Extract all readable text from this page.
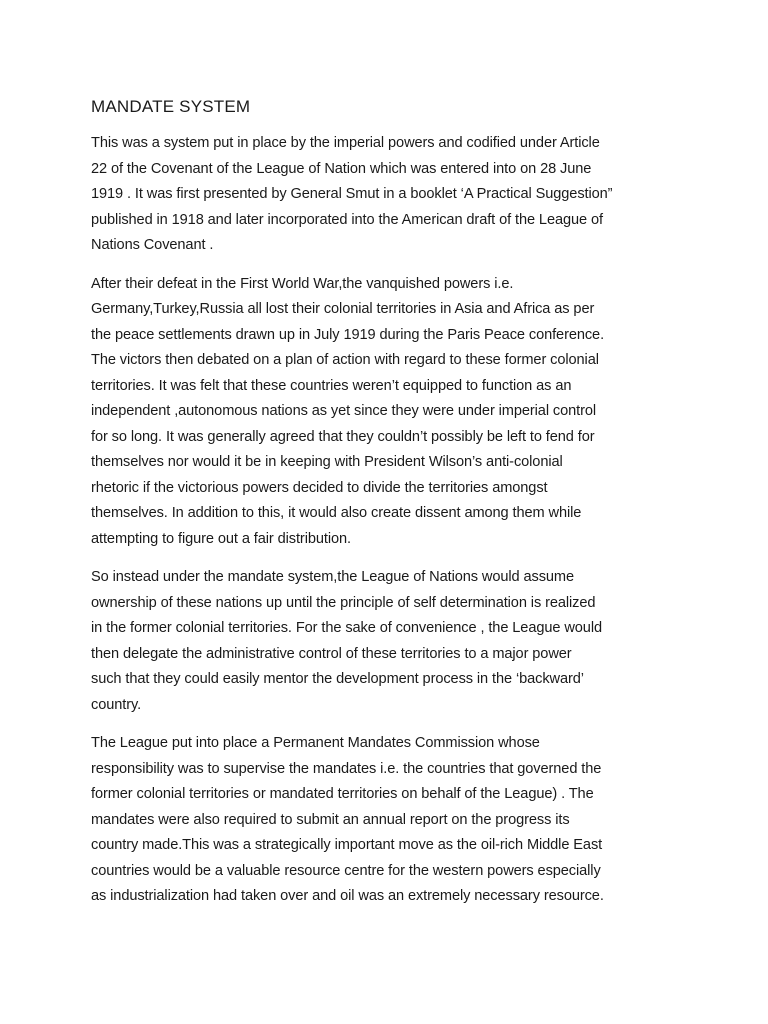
MANDATE SYSTEM
This was a system put in place by the imperial powers and codified under Article
22 of the Covenant of the League of Nation which was entered into on 28 June
1919 . It was first presented by General Smut in a booklet ‘A Practical Suggestion”
published in 1918 and later incorporated into the American draft of the League of
Nations Covenant .
After their defeat in the First World War,the vanquished powers i.e.
Germany,Turkey,Russia all lost their colonial territories in Asia and Africa as per
the peace settlements drawn up in July 1919 during the Paris Peace conference.
The victors then debated on a plan of action with regard to these former colonial
territories. It was felt that these countries weren’t equipped to function as an
independent ,autonomous nations as yet since they were under imperial control
for so long. It was generally agreed that they couldn’t possibly be left to fend for
themselves nor would it be in keeping with President Wilson’s anti-colonial
rhetoric if the victorious powers decided to divide the territories amongst
themselves. In addition to this, it would also create dissent among them while
attempting to figure out a fair distribution.
So instead under the mandate system,the League of Nations would assume
ownership of these nations up until the principle of self determination is realized
in the former colonial territories. For the sake of convenience , the League would
then delegate the administrative control of these territories to a major power
such that they could easily mentor the development process in the ‘backward’
country.
The League put into place a Permanent Mandates Commission whose
responsibility was to supervise the mandates i.e. the countries that governed the
former colonial territories or mandated territories on behalf of the League) . The
mandates were also required to submit an annual report on the progress its
country made.This was a strategically important move as the oil-rich Middle East
countries would be a valuable resource centre for the western powers especially
as industrialization had taken over and oil was an extremely necessary resource.
